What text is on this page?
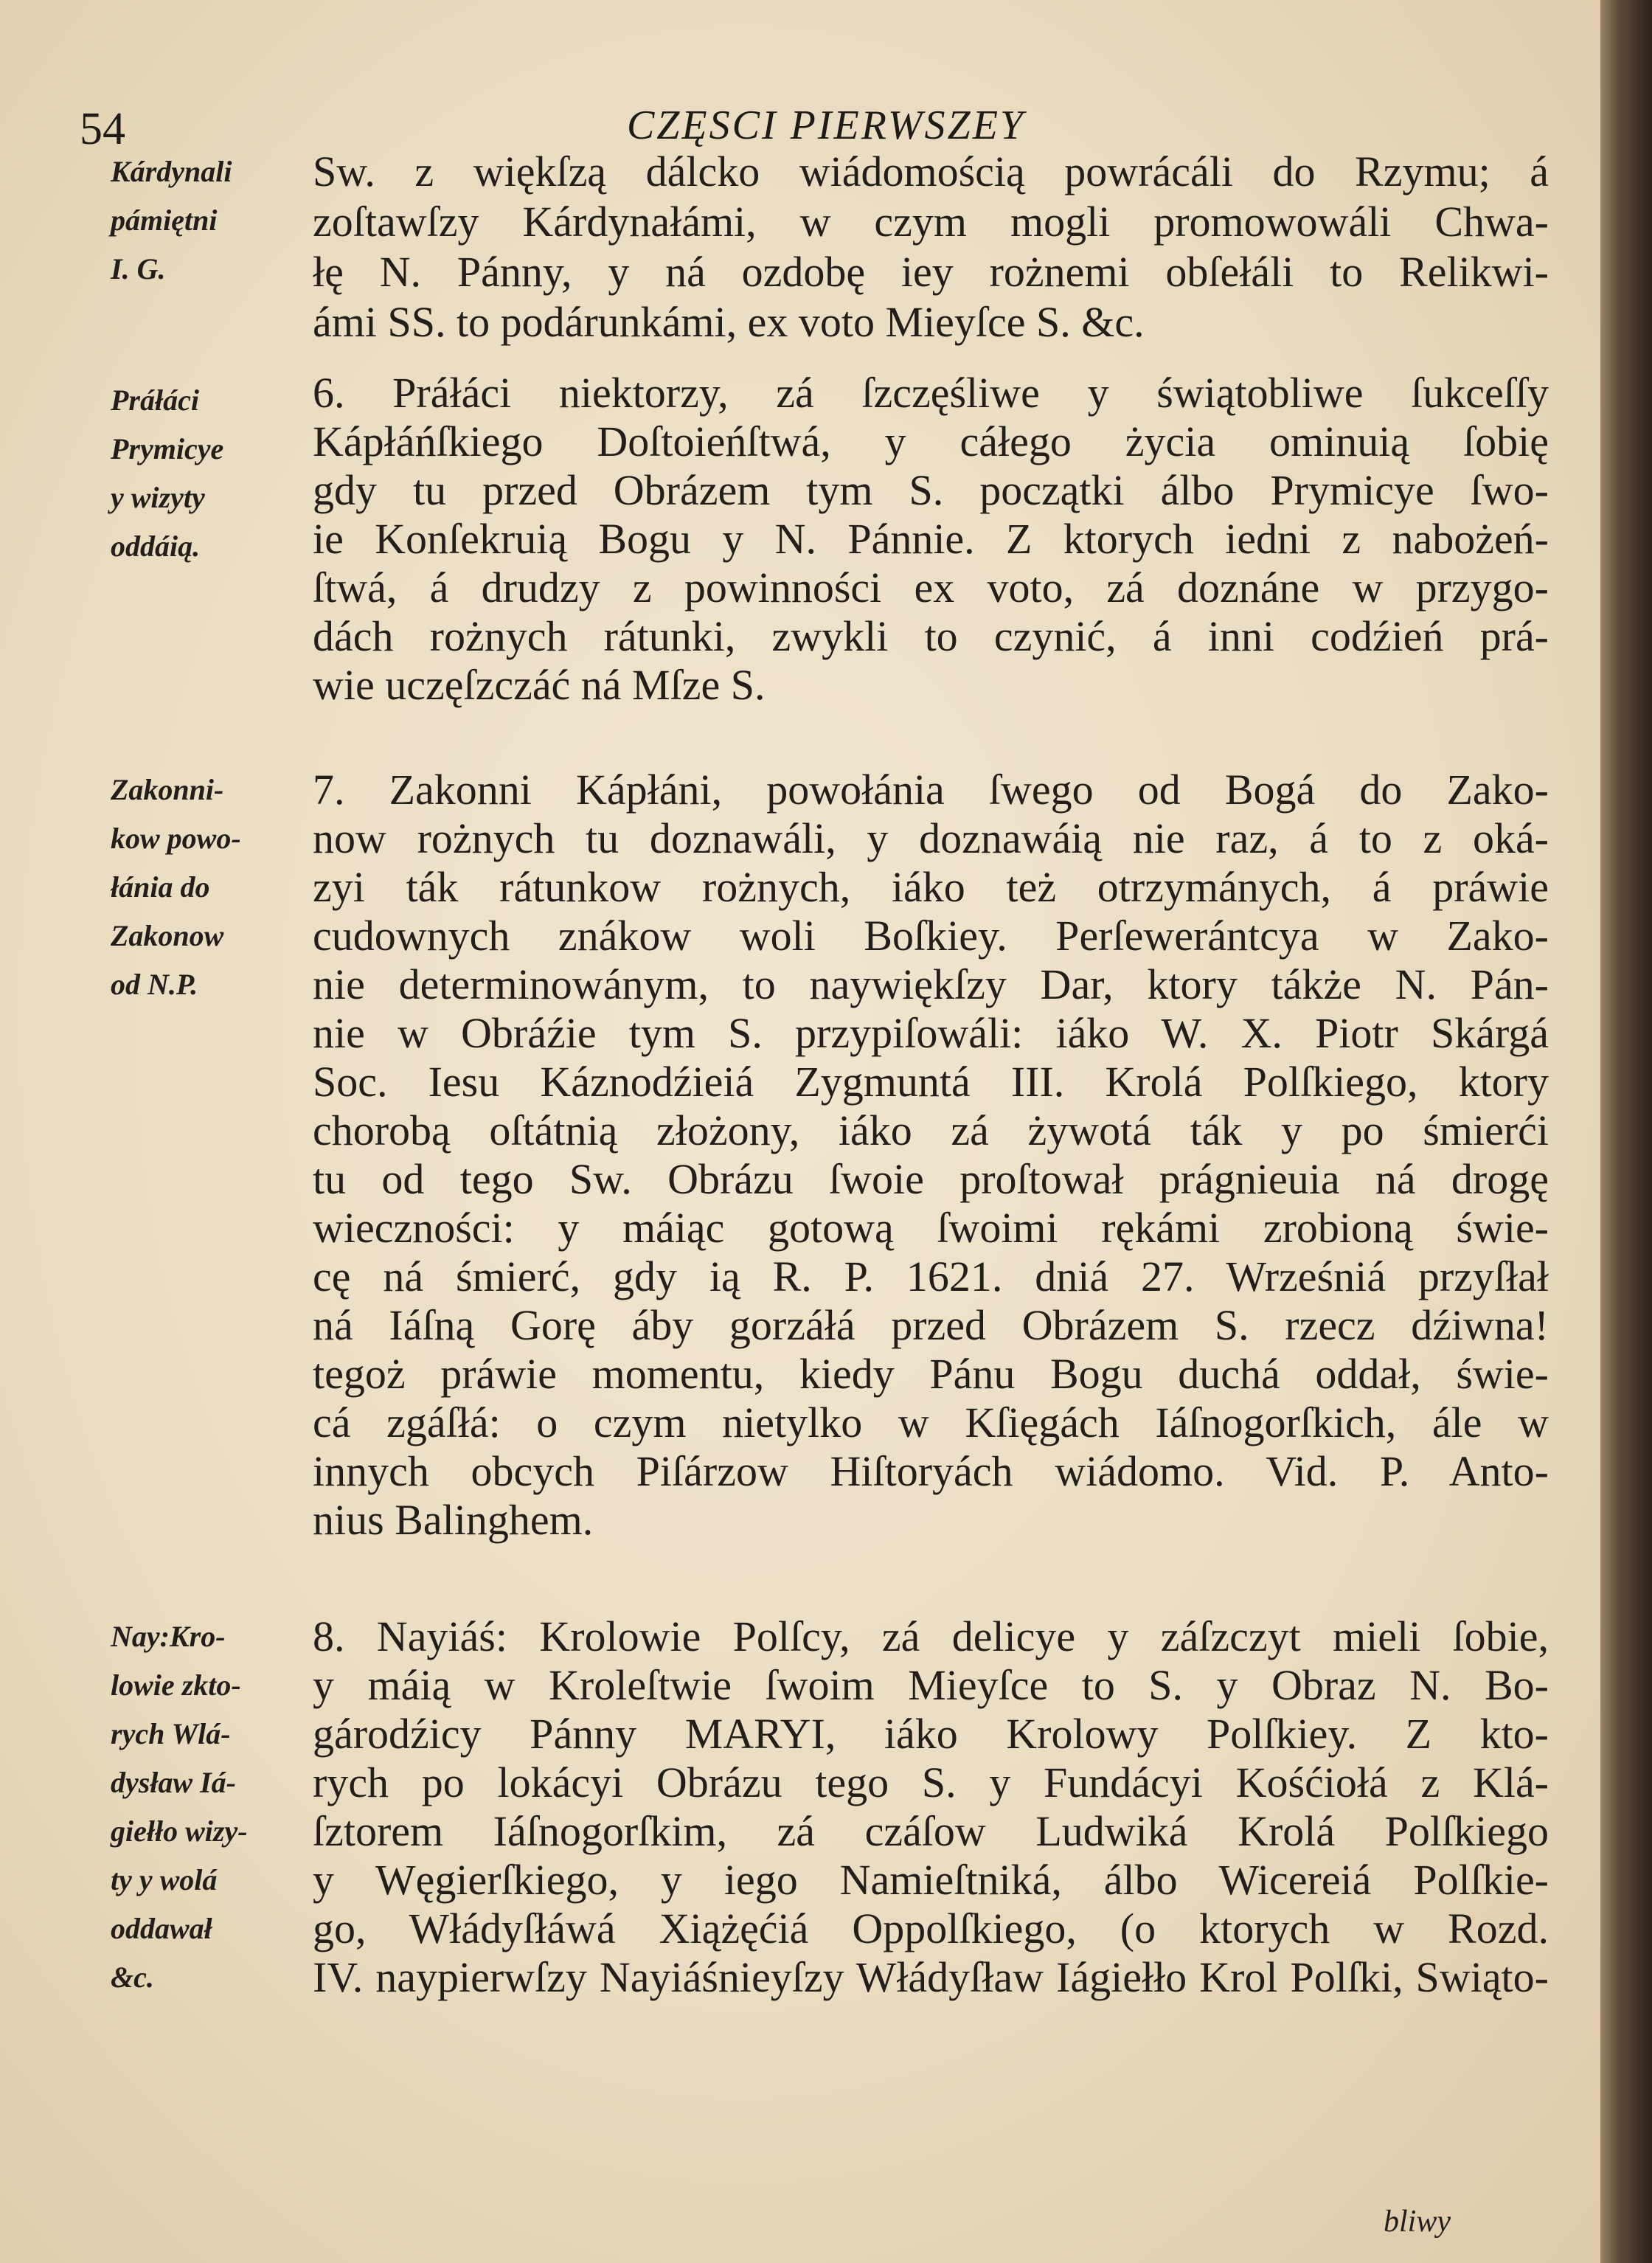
54	CZĘSCI PIERWSZEY
Kárdynali
pámiętni
I. G.
Práłáci
Prymicye
y wizyty
oddáią.
Zakonni-
kow powo-
łánia do
Zakonow
od N.P.
Nay:Kro-
lowie zkto-
rych Wlá-
dysław Iá-
giełło wizy-
ty y wolá
oddawał
&c.
Sw. z więkſzą dálcko wiádomością powrácáli do Rzymu; á
zoſtawſzy Kárdynałámi, w czym mogli promowowáli Chwa-
łę N. Pánny, y ná ozdobę iey rożnemi obſełáli to Relikwi-
ámi SS. to podárunkámi, ex voto Mieyſce S. &c.
6. Práłáci niektorzy, zá ſzczęśliwe y świątobliwe ſukceſſy
Kápłáńſkiego Doſtoieńſtwá, y cáłego życia ominuią ſobię
gdy tu przed Obrázem tym S. początki álbo Prymicye ſwo-
ie Konſekruią Bogu y N. Pánnie. Z ktorych iedni z nabożeń-
ſtwá, á drudzy z powinności ex voto, zá doznáne w przygo-
dách rożnych rátunki, zwykli to czynić, á inni codźień prá-
wie uczęſzczáć ná Mſze S.
7. Zakonni Kápłáni, powołánia ſwego od Bogá do Zako-
now rożnych tu doznawáli, y doznawáią nie raz, á to z oká-
zyi ták rátunkow rożnych, iáko też otrzymánych, á práwie
cudownych znákow woli Boſkiey. Perſewerántcya w Zako-
nie determinowánym, to naywiękſzy Dar, ktory tákże N. Pán-
nie w Obráźie tym S. przypiſowáli: iáko W. X. Piotr Skárgá
Soc. Iesu Káznodźieiá Zygmuntá III. Krolá Polſkiego, ktory
chorobą oſtátnią złożony, iáko zá żywotá ták y po śmierći
tu od tego Sw. Obrázu ſwoie proſtował prágnieuia ná drogę
wieczności: y máiąc gotową ſwoimi rękámi zrobioną świe-
cę ná śmierć, gdy ią R. P. 1621. dniá 27. Wrześniá przyſłał
ná Iáſną Gorę áby gorzáłá przed Obrázem S. rzecz dźiwna!
tegoż práwie momentu, kiedy Pánu Bogu duchá oddał, świe-
cá zgáſłá: o czym nietylko w Kſięgách Iáſnogorſkich, ále w
innych obcych Piſárzow Hiſtoryách wiádomo. Vid. P. Anto-
nius Balinghem.
8. Nayiáś: Krolowie Polſcy, zá delicye y záſzczyt mieli ſobie,
y máią w Kroleſtwie ſwoim Mieyſce to S. y Obraz N. Bo-
gárodźicy Pánny MARYI, iáko Krolowy Polſkiey. Z kto-
rych po lokácyi Obrázu tego S. y Fundácyi Kośćiołá z Klá-
ſztorem Iáſnogorſkim, zá czáſow Ludwiká Krolá Polſkiego
y Węgierſkiego, y iego Namieſtniká, álbo Wicereiá Polſkie-
go, Włádyſłáwá Xiążęćiá Oppolſkiego, (o ktorych w Rozd.
IV. naypierwſzy Nayiáśnieyſzy Włádyſław Iágiełło Krol Polſki, Swiąto-
bliwy
